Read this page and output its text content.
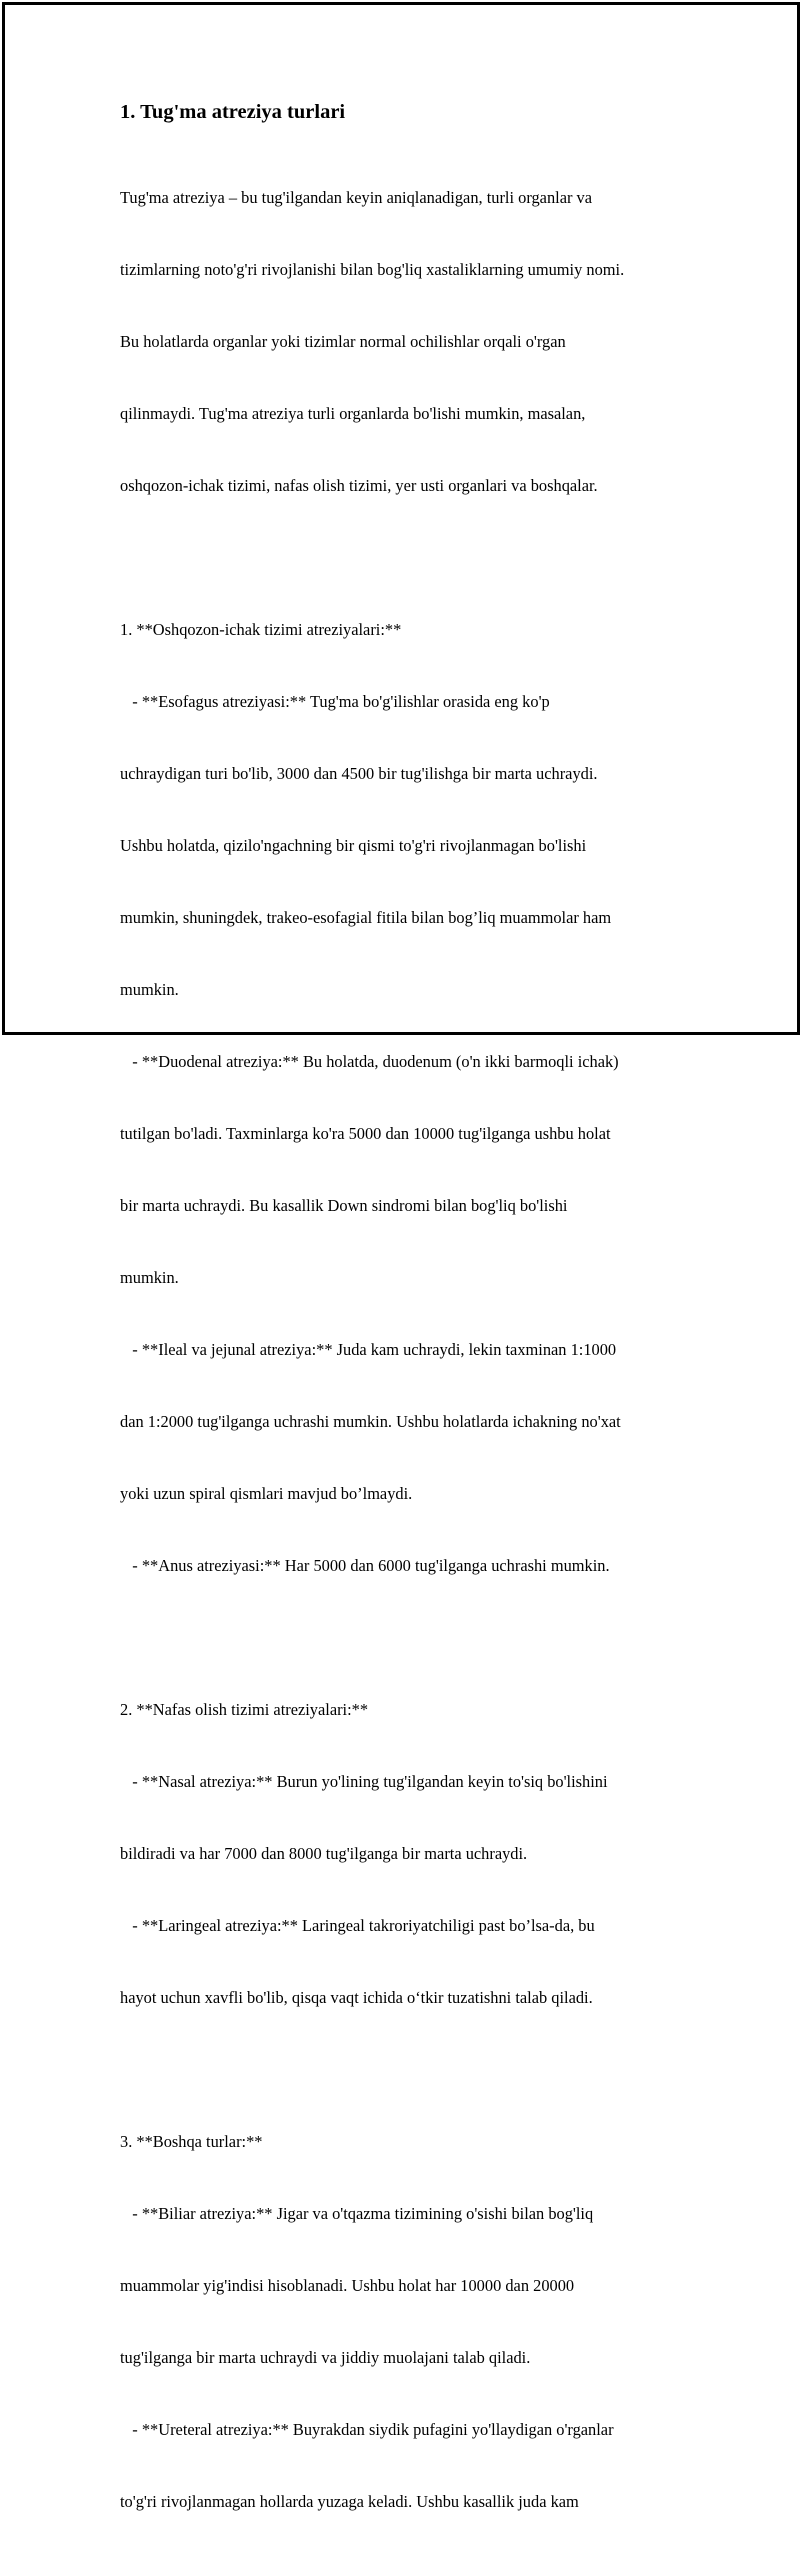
1. Tug'ma atreziya turlari

Tug'ma atreziya – bu tug'ilgandan keyin aniqlanadigan, turli organlar va

tizimlarning noto'g'ri rivojlanishi bilan bog'liq xastaliklarning umumiy nomi.

Bu holatlarda organlar yoki tizimlar normal ochilishlar orqali o'rgan

qilinmaydi. Tug'ma atreziya turli organlarda bo'lishi mumkin, masalan,

oshqozon-ichak tizimi, nafas olish tizimi, yer usti organlari va boshqalar.

1. **Oshqozon-ichak tizimi atreziyalari:**

- **Esofagus atreziyasi:** Tug'ma bo'g'ilishlar orasida eng ko'p

uchraydigan turi bo'lib, 3000 dan 4500 bir tug'ilishga bir marta uchraydi.

Ushbu holatda, qizilo'ngachning bir qismi to'g'ri rivojlanmagan bo'lishi

mumkin, shuningdek, trakeo-esofagial fitila bilan bog’liq muammolar ham

mumkin.

- **Duodenal atreziya:** Bu holatda, duodenum (o'n ikki barmoqli ichak)

tutilgan bo'ladi. Taxminlarga ko'ra 5000 dan 10000 tug'ilganga ushbu holat

bir marta uchraydi. Bu kasallik Down sindromi bilan bog'liq bo'lishi

mumkin.

- **Ileal va jejunal atreziya:** Juda kam uchraydi, lekin taxminan 1:1000

dan 1:2000 tug'ilganga uchrashi mumkin. Ushbu holatlarda ichakning no'xat

yoki uzun spiral qismlari mavjud bo’lmaydi.

- **Anus atreziyasi:** Har 5000 dan 6000 tug'ilganga uchrashi mumkin.

2. **Nafas olish tizimi atreziyalari:**

- **Nasal atreziya:** Burun yo'lining tug'ilgandan keyin to'siq bo'lishini

bildiradi va har 7000 dan 8000 tug'ilganga bir marta uchraydi.

- **Laringeal atreziya:** Laringeal takroriyatchiligi past bo’lsa-da, bu

hayot uchun xavfli bo'lib, qisqa vaqt ichida o‘tkir tuzatishni talab qiladi.

3. **Boshqa turlar:**

- **Biliar atreziya:** Jigar va o'tqazma tizimining o'sishi bilan bog'liq

muammolar yig'indisi hisoblanadi. Ushbu holat har 10000 dan 20000

tug'ilganga bir marta uchraydi va jiddiy muolajani talab qiladi.

- **Ureteral atreziya:** Buyrakdan siydik pufagini yo'llaydigan o'rganlar

to'g'ri rivojlanmagan hollarda yuzaga keladi. Ushbu kasallik juda kam
